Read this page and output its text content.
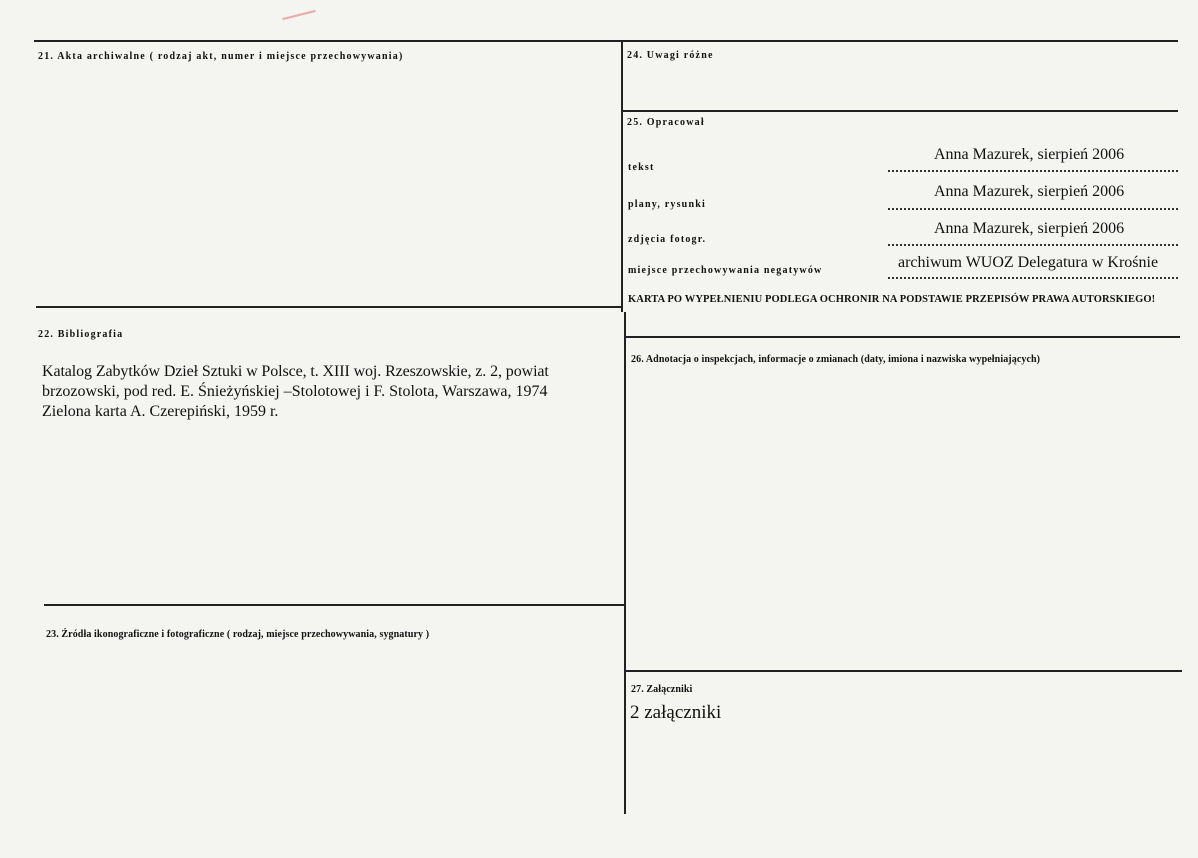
21. Akta archiwalne ( rodzaj akt, numer i miejsce przechowywania)
22. Bibliografia
Katalog Zabytków Dzieł Sztuki w Polsce, t. XIII woj. Rzeszowskie, z. 2, powiat
brzozowski, pod red. E. Śnieżyńskiej –Stolotowej i F. Stolota, Warszawa, 1974
Zielona karta A. Czerepiński, 1959 r.
23. Źródła ikonograficzne i fotograficzne ( rodzaj, miejsce przechowywania, sygnatury )
24. Uwagi różne
25. Opracował
tekst
Anna Mazurek, sierpień 2006
plany, rysunki
Anna Mazurek, sierpień 2006
zdjęcia fotogr.
Anna Mazurek, sierpień 2006
miejsce przechowywania negatywów	archiwum WUOZ Delegatura w Krośnie
KARTA PO WYPEŁNIENIU PODLEGA OCHRONIR NA PODSTAWIE PRZEPISÓW PRAWA AUTORSKIEGO!
26. Adnotacja o inspekcjach, informacje o zmianach (daty, imiona i nazwiska wypełniających)
27. Załączniki
2 załączniki
